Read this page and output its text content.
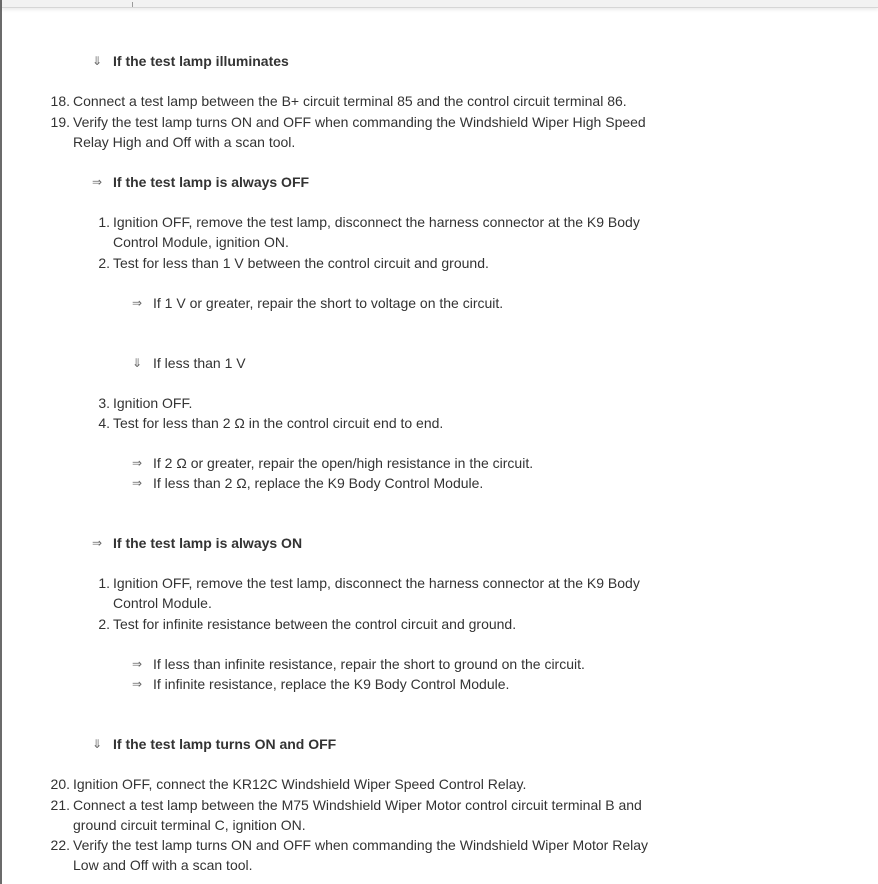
⇓ If the test lamp illuminates
18. Connect a test lamp between the B+ circuit terminal 85 and the control circuit terminal 86.
19. Verify the test lamp turns ON and OFF when commanding the Windshield Wiper High Speed
Relay High and Off with a scan tool.
⇒ If the test lamp is always OFF
1. Ignition OFF, remove the test lamp, disconnect the harness connector at the K9 Body
Control Module, ignition ON.
2. Test for less than 1 V between the control circuit and ground.
⇒ If 1 V or greater, repair the short to voltage on the circuit.
⇓ If less than 1 V
3. Ignition OFF.
4. Test for less than 2 Ω in the control circuit end to end.
⇒ If 2 Ω or greater, repair the open/high resistance in the circuit.
⇒ If less than 2 Ω, replace the K9 Body Control Module.
⇒ If the test lamp is always ON
1. Ignition OFF, remove the test lamp, disconnect the harness connector at the K9 Body
Control Module.
2. Test for infinite resistance between the control circuit and ground.
⇒ If less than infinite resistance, repair the short to ground on the circuit.
⇒ If infinite resistance, replace the K9 Body Control Module.
⇓ If the test lamp turns ON and OFF
20. Ignition OFF, connect the KR12C Windshield Wiper Speed Control Relay.
21. Connect a test lamp between the M75 Windshield Wiper Motor control circuit terminal B and
ground circuit terminal C, ignition ON.
22. Verify the test lamp turns ON and OFF when commanding the Windshield Wiper Motor Relay
Low and Off with a scan tool.
